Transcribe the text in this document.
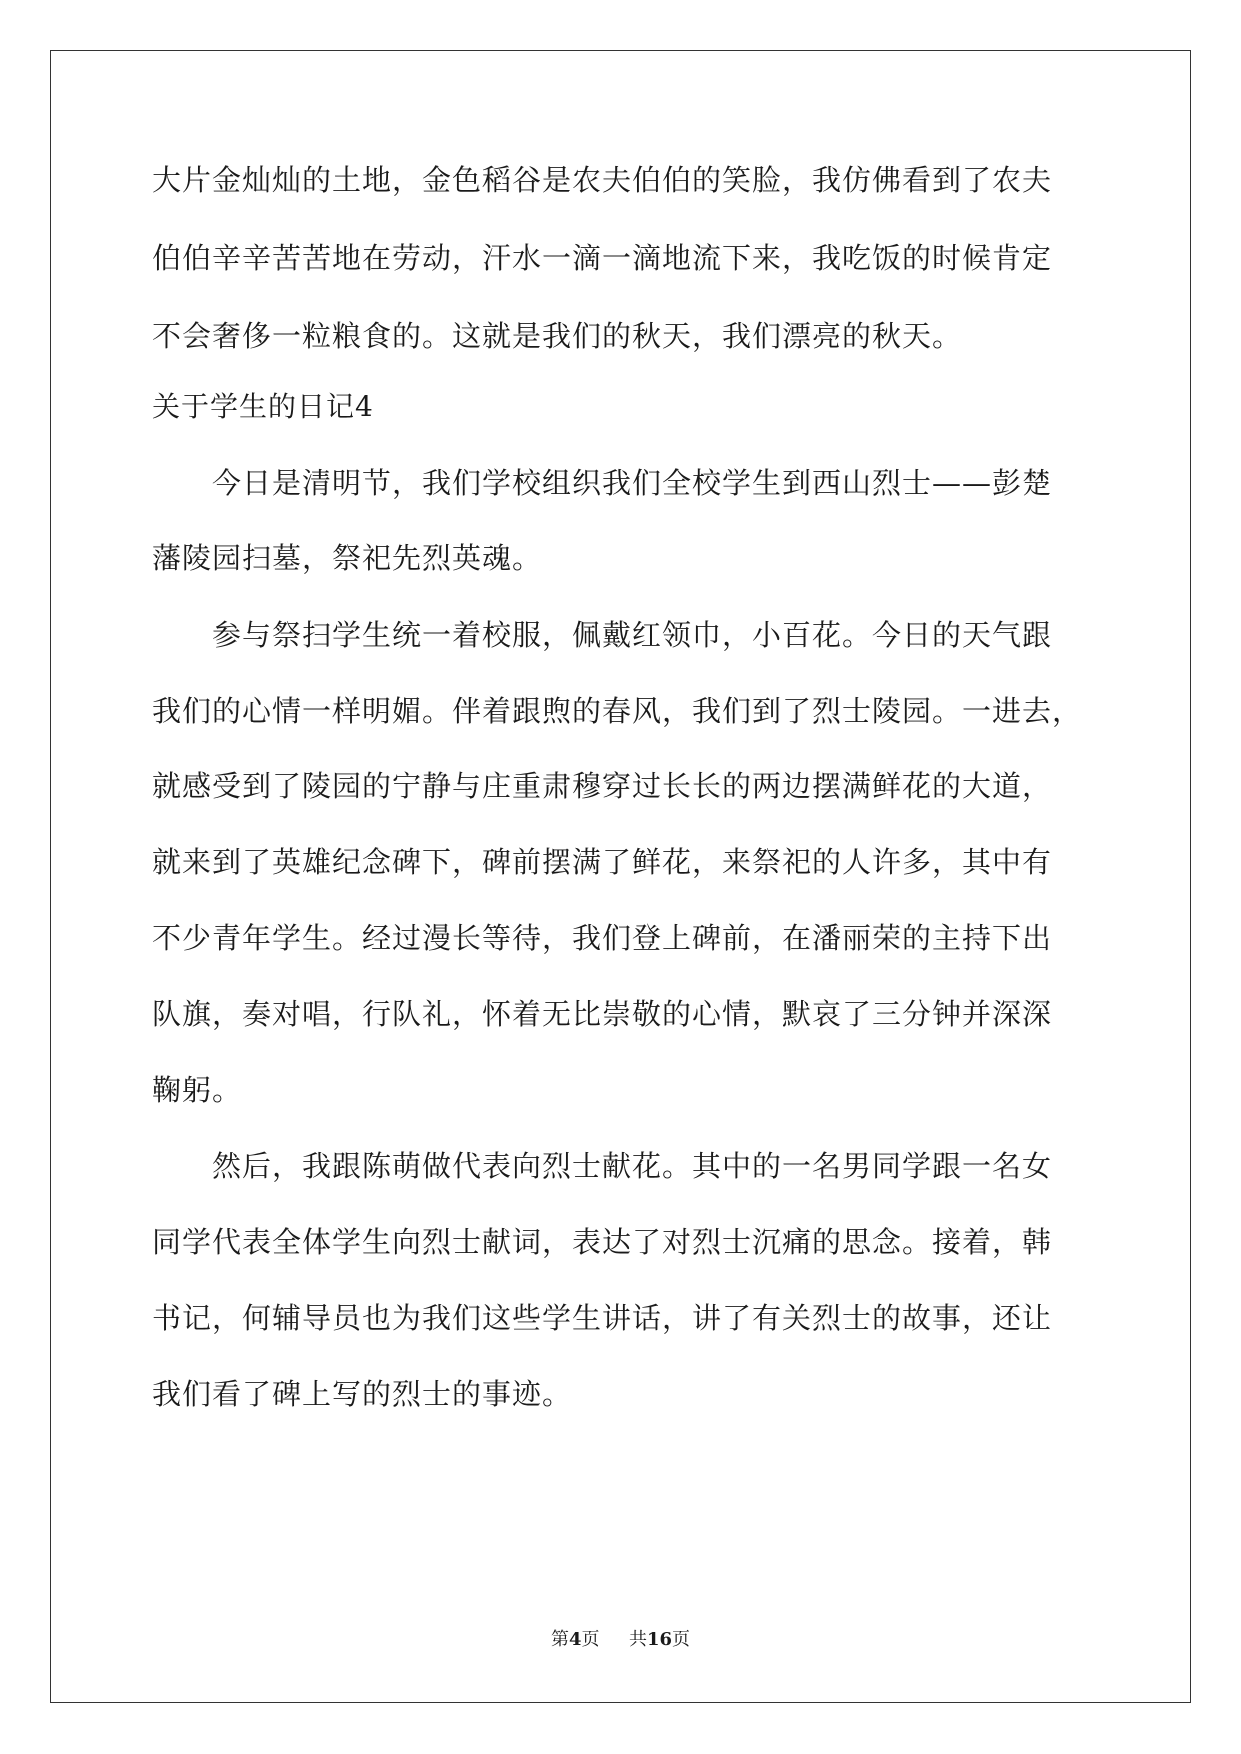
大片金灿灿的土地，金色稻谷是农夫伯伯的笑脸，我仿佛看到了农夫
伯伯辛辛苦苦地在劳动，汗水一滴一滴地流下来，我吃饭的时候肯定
不会奢侈一粒粮食的。这就是我们的秋天，我们漂亮的秋天。
关于学生的日记4
今日是清明节，我们学校组织我们全校学生到西山烈士——彭楚
藩陵园扫墓，祭祀先烈英魂。
参与祭扫学生统一着校服，佩戴红领巾，小百花。今日的天气跟
我们的心情一样明媚。伴着跟煦的春风，我们到了烈士陵园。一进去，
就感受到了陵园的宁静与庄重肃穆穿过长长的两边摆满鲜花的大道，
就来到了英雄纪念碑下，碑前摆满了鲜花，来祭祀的人许多，其中有
不少青年学生。经过漫长等待，我们登上碑前，在潘丽荣的主持下出
队旗，奏对唱，行队礼，怀着无比崇敬的心情，默哀了三分钟并深深
鞠躬。
然后，我跟陈萌做代表向烈士献花。其中的一名男同学跟一名女
同学代表全体学生向烈士献词，表达了对烈士沉痛的思念。接着，韩
书记，何辅导员也为我们这些学生讲话，讲了有关烈士的故事，还让
我们看了碑上写的烈士的事迹。
第4页 共16页
